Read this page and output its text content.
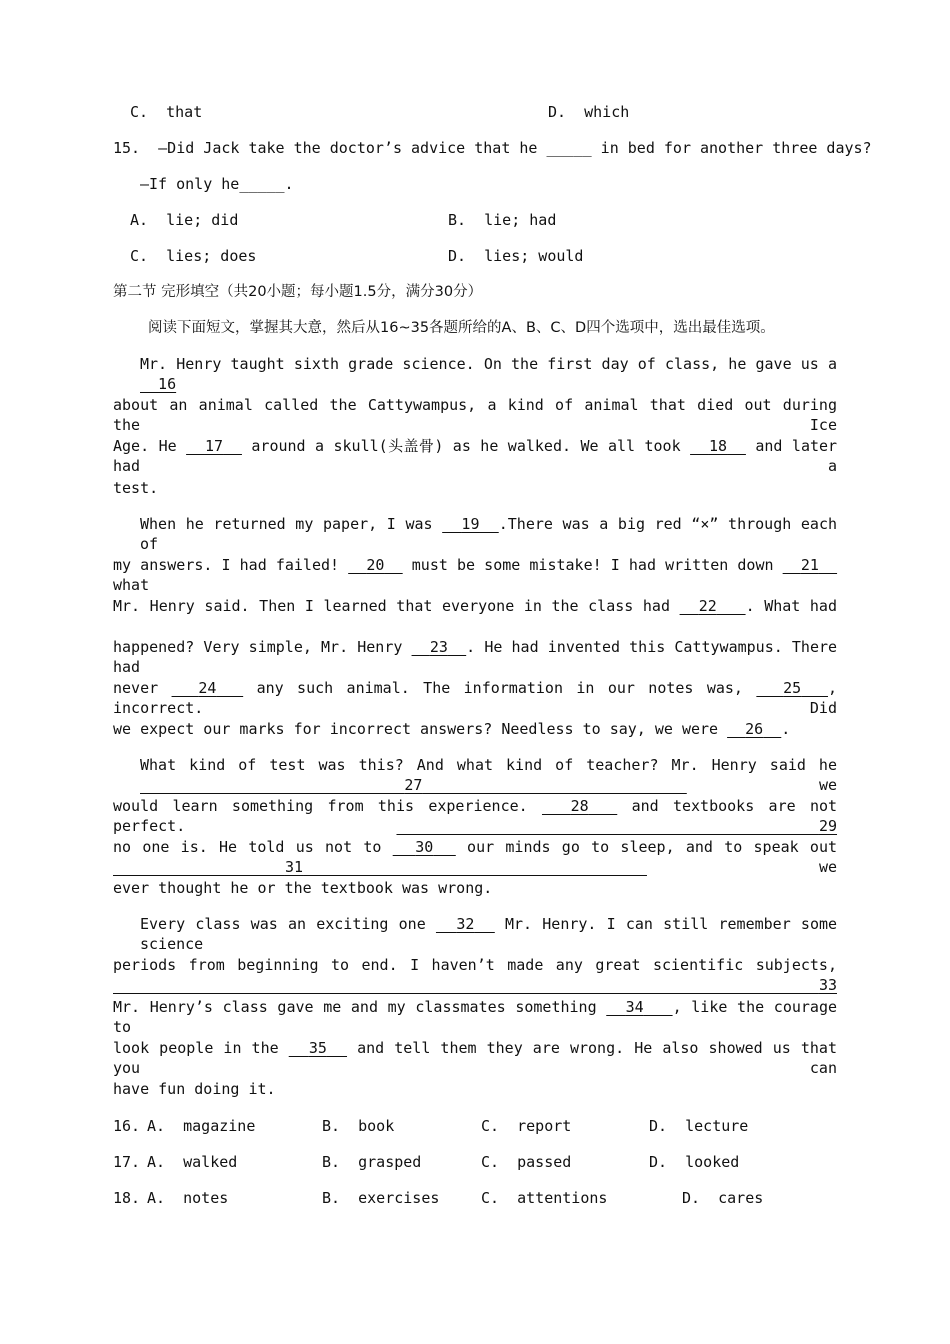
C.  that	D.  which
15.  —Did Jack take the doctor’s advice that he _____ in bed for another three days?
—If only he_____.
A.  lie; did	B.  lie; had
C.  lies; does	D.  lies; would
第二节 完形填空（共20小题；每小题1.5分，满分30分）
阅读下面短文，掌握其大意，然后从16~35各题所给的A、B、C、D四个选项中，选出最佳选项。
Mr. Henry taught sixth grade science. On the first day of class, he gave us a __16
about an animal called the Cattywampus, a kind of animal that died out during the Ice
Age. He 17 around a skull(头盖骨) as he walked. We all took 18 and later had a
test.
When he returned my paper, I was 19 .There was a big red “×” through each of
my answers. I had failed! 20 must be some mistake! I had written down 21   what
Mr. Henry said. Then I learned that everyone in the class had 22 . What had
happened? Very simple, Mr. Henry 23 . He had invented this Cattywampus. There had
never	24	any such animal. The information in our notes was,	25 , incorrect. Did
we expect our marks for incorrect answers? Needless to say, we were 26 .
What kind of test was this? And what kind of teacher? Mr. Henry said he   27	we
would learn something from this experience.	28	and textbooks are not perfect.	29
no one is. He told us not to 30 our minds go to sleep, and to speak out  31	we
ever thought he or the textbook was wrong.
Every class was an exciting one 32 Mr. Henry. I can still remember some science
periods from beginning to end. I haven’t made any great scientific subjects,   33
Mr. Henry’s class gave me and my classmates something 34 , like the courage to
look people in the 35 and tell them they are wrong. He also showed us that you can
have fun doing it.
16. A.  magazine	B.  book	C.  report	D.  lecture
17. A.  walked	B.  grasped	C.  passed	D.  looked
18. A.  notes	B.  exercises	C.  attentions	D.  cares
